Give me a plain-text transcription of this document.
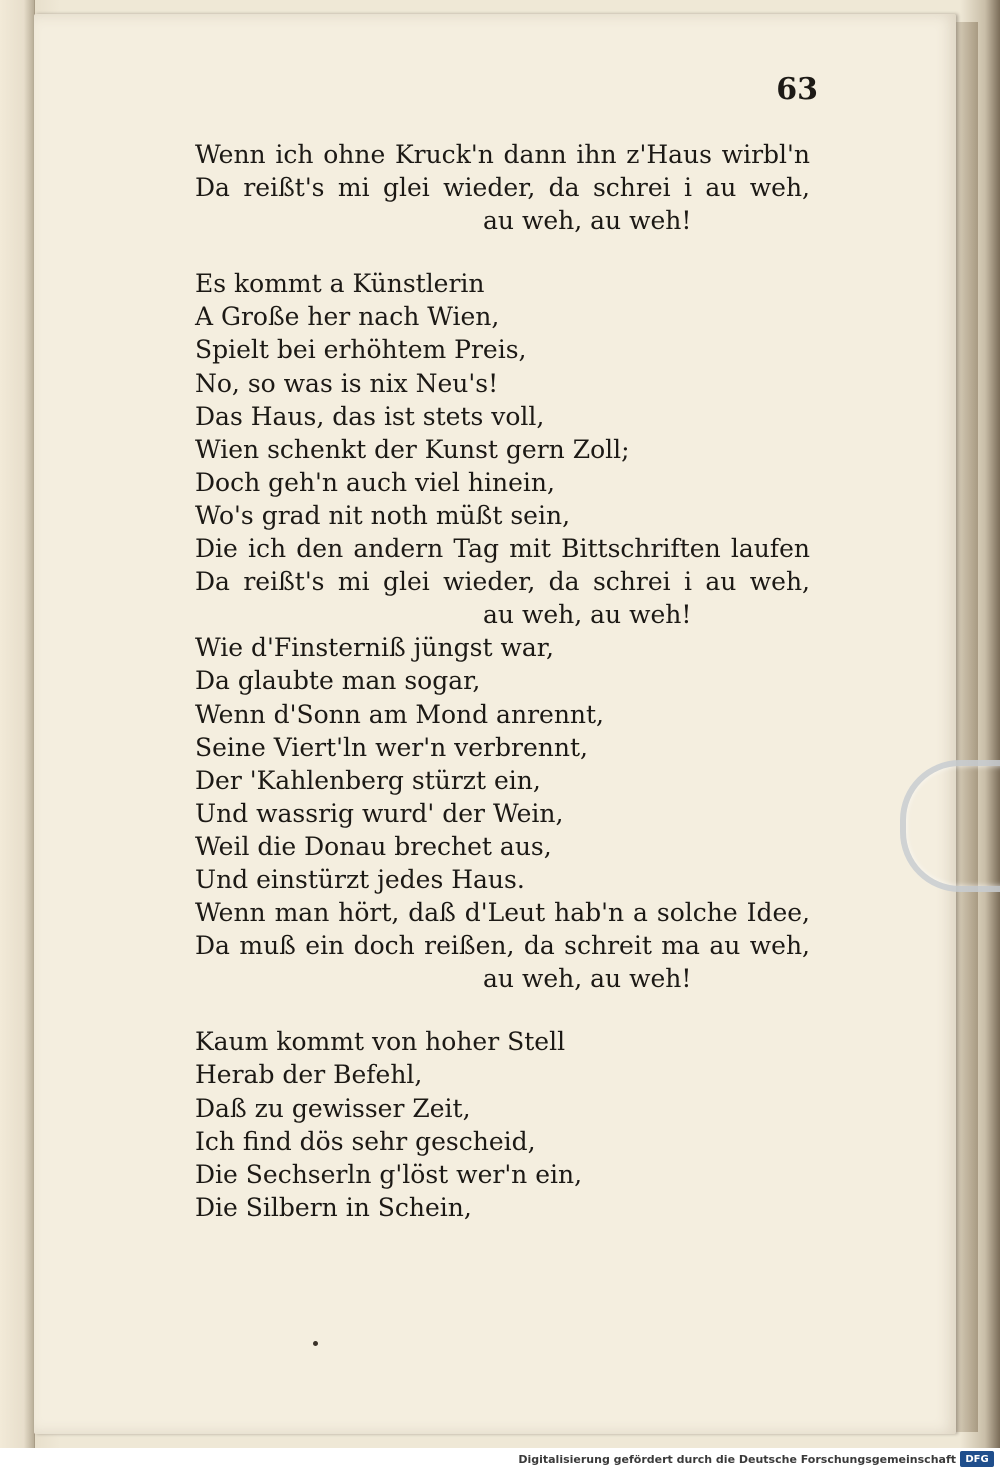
63
Wenn ich ohne Kruck'n dann ihn z'Haus wirbl'n
Da reißt's mi glei wieder, da schrei i au weh,
au weh, au weh!
Es kommt a Künstlerin
A Große her nach Wien,
Spielt bei erhöhtem Preis,
No, so was is nix Neu's!
Das Haus, das ist stets voll,
Wien schenkt der Kunst gern Zoll;
Doch geh'n auch viel hinein,
Wo's grad nit noth müßt sein,
Die ich den andern Tag mit Bittschriften laufen
Da reißt's mi glei wieder, da schrei i au weh,
au weh, au weh!
Wie d'Finsterniß jüngst war,
Da glaubte man sogar,
Wenn d'Sonn am Mond anrennt,
Seine Viert'ln wer'n verbrennt,
Der 'Kahlenberg stürzt ein,
Und wassrig wurd' der Wein,
Weil die Donau brechet aus,
Und einstürzt jedes Haus.
Wenn man hört, daß d'Leut hab'n a solche Idee,
Da muß ein doch reißen, da schreit ma au weh,
au weh, au weh!
Kaum kommt von hoher Stell
Herab der Befehl,
Daß zu gewisser Zeit,
Ich find dös sehr gescheid,
Die Sechserln g'löst wer'n ein,
Die Silbern in Schein,
Digitalisierung gefördert durch die Deutsche Forschungsgemeinschaft DFG
